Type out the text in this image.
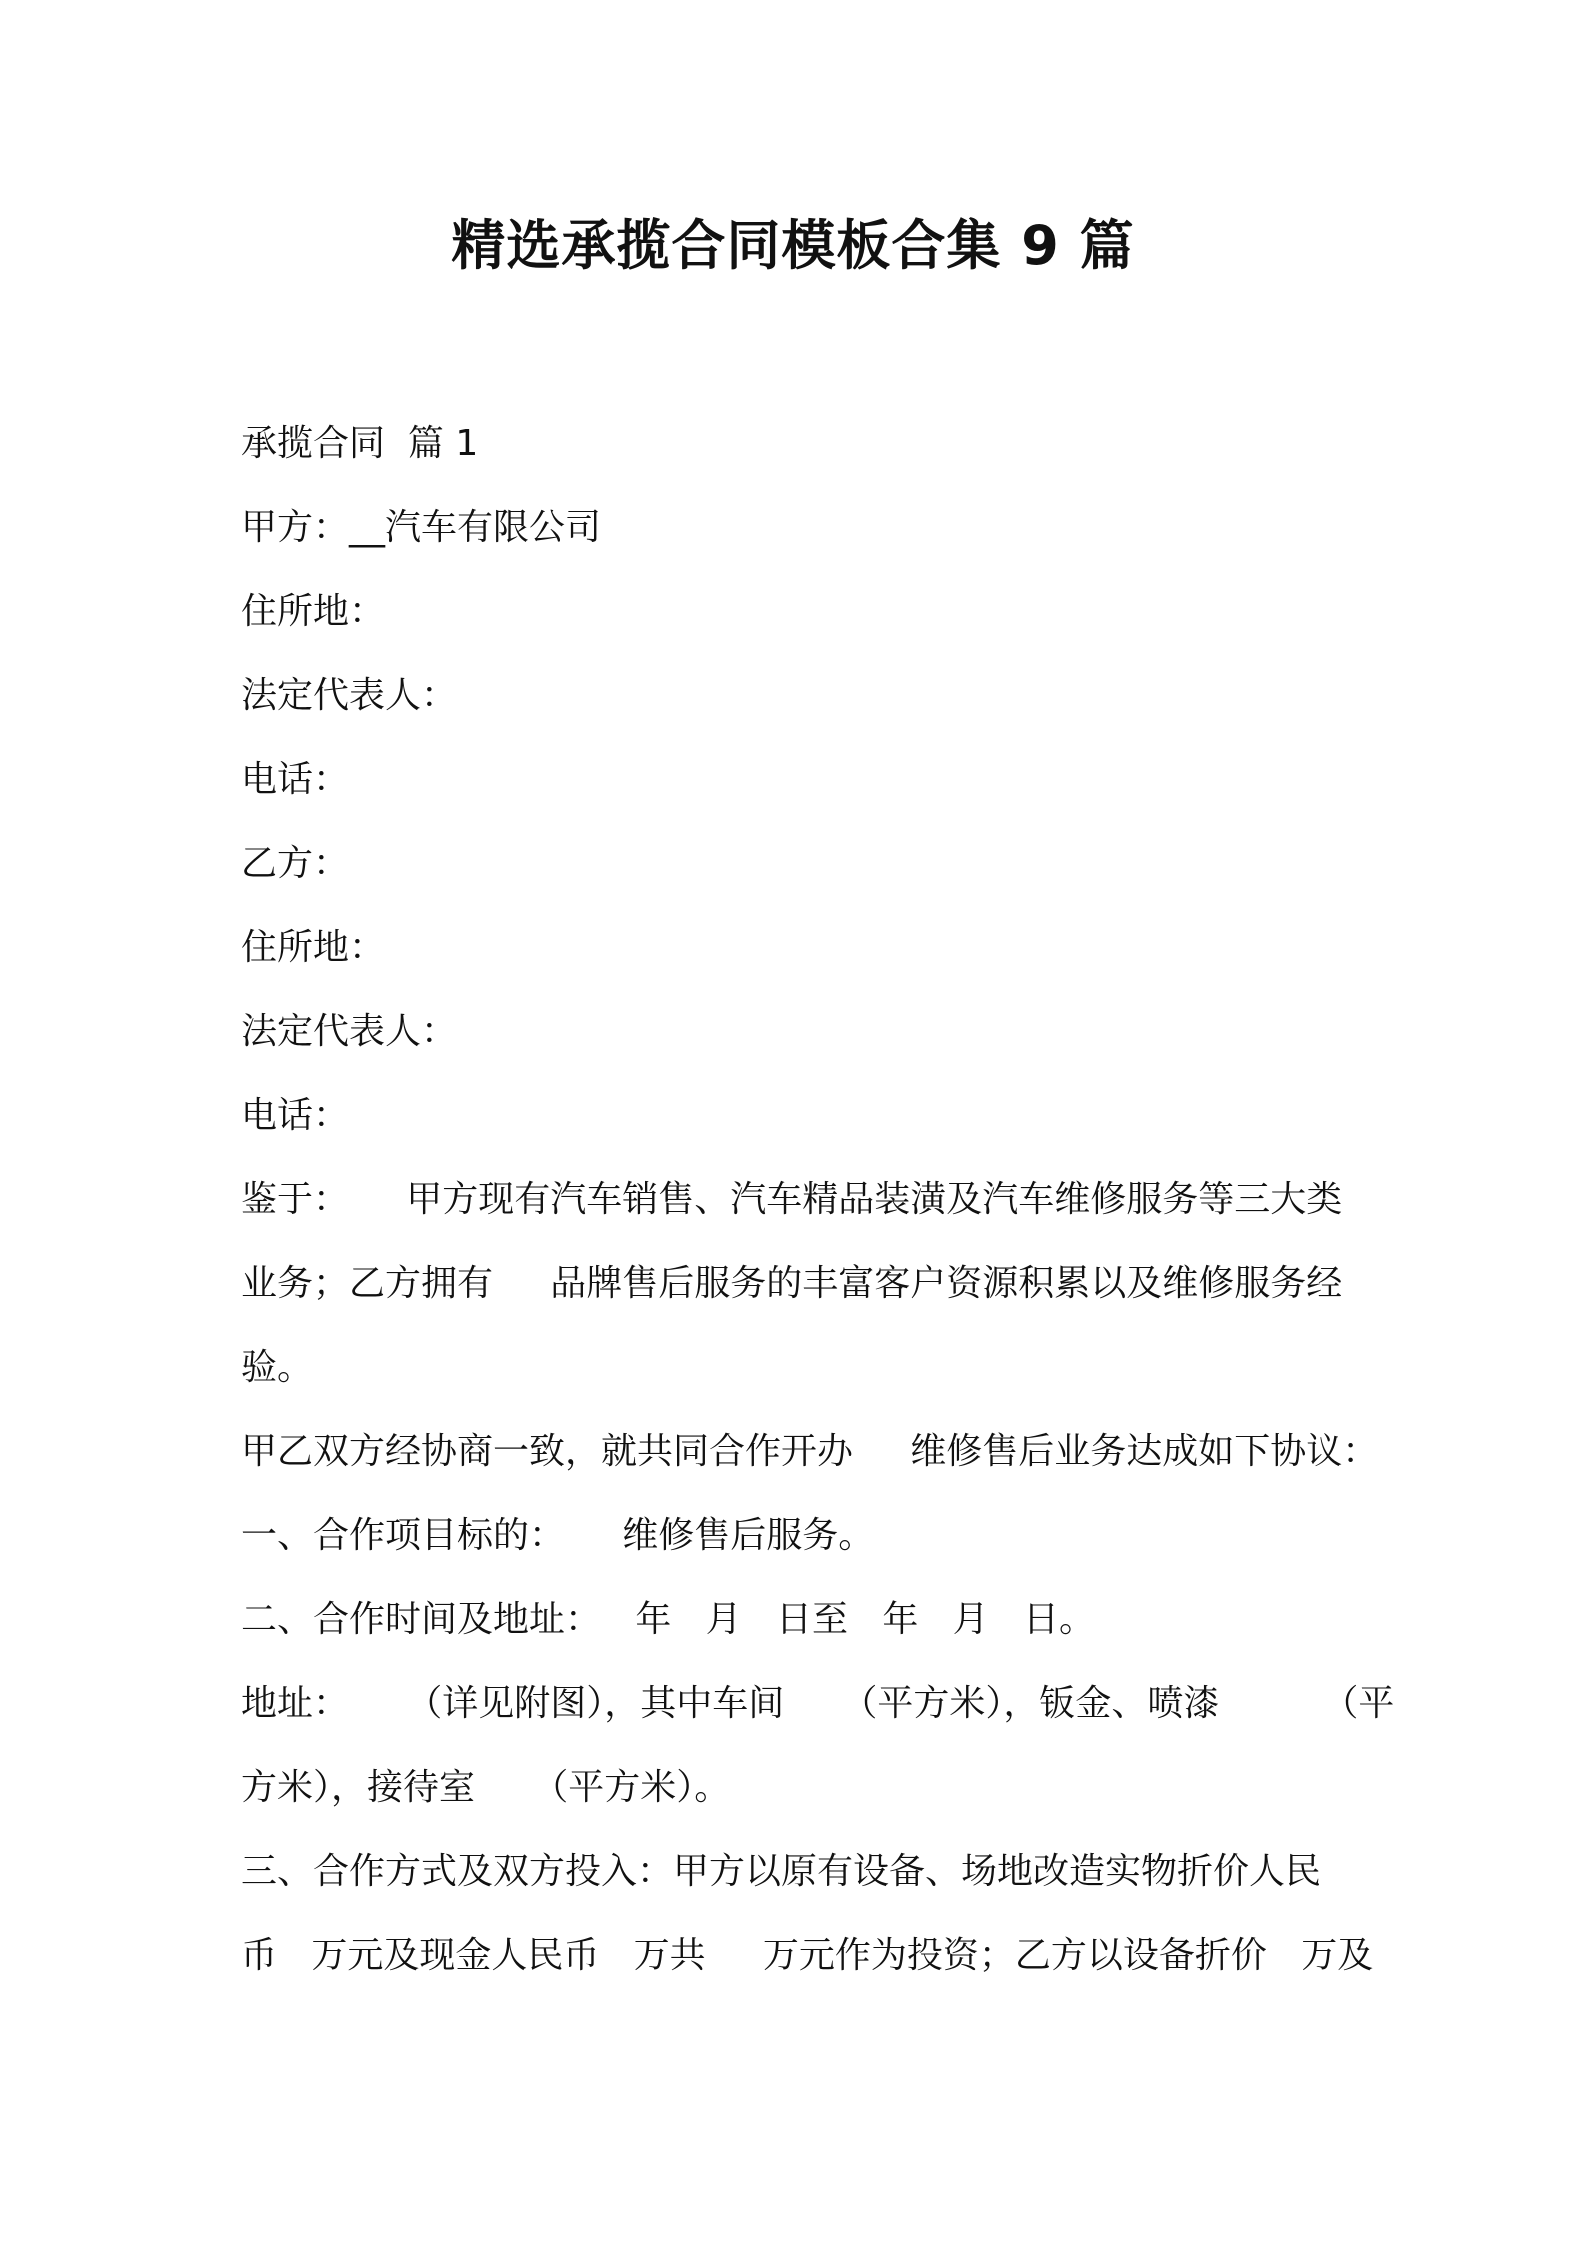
精选承揽合同模板合集 9 篇
承揽合同  篇 1
甲方：__汽车有限公司
住所地：
法定代表人：
电话：
乙方：
住所地：
法定代表人：
电话：
鉴于：     甲方现有汽车销售、汽车精品装潢及汽车维修服务等三大类
业务；乙方拥有     品牌售后服务的丰富客户资源积累以及维修服务经
验。
甲乙双方经协商一致，就共同合作开办     维修售后业务达成如下协议：
一、合作项目标的：     维修售后服务。
二、合作时间及地址：   年   月   日至   年   月   日。
地址：     （详见附图），其中车间     （平方米），钣金、喷漆         （平
方米），接待室     （平方米）。
三、合作方式及双方投入：甲方以原有设备、场地改造实物折价人民
币   万元及现金人民币   万共     万元作为投资；乙方以设备折价   万及
